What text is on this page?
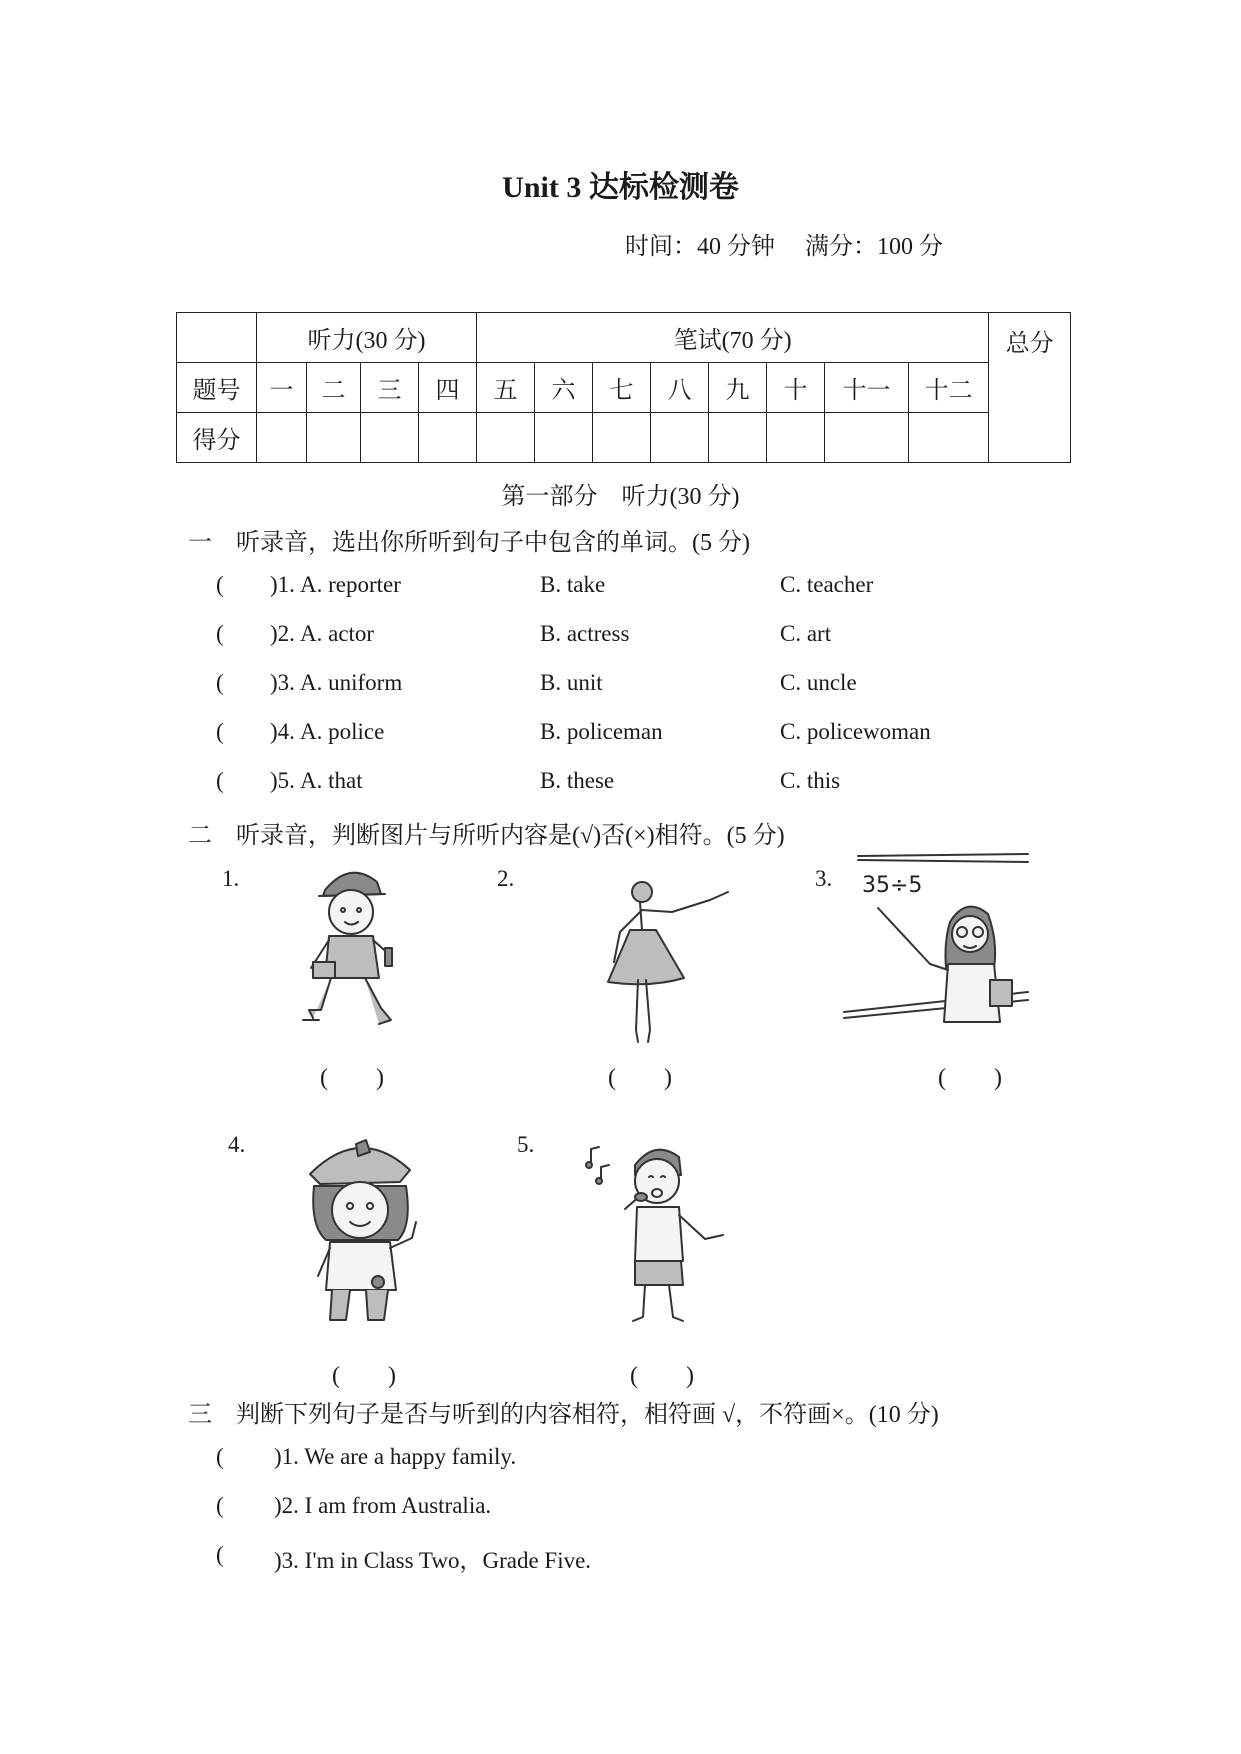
Unit 3 达标检测卷
时间：40 分钟　 满分：100 分
	听力(30 分)				笔试(70 分)								总分
题号	一	二	三	四	五	六	七	八	九	十	十一	十二	
得分													
第一部分　听力(30 分)
一　听录音，选出你所听到句子中包含的单词。(5 分)
( )1. A. reporter	B. take	C. teacher
( )2. A. actor	B. actress	C. art
( )3. A. uniform	B. unit	C. uncle
( )4. A. police	B. policeman	C. policewoman
( )5. A. that	B. these	C. this
二　听录音，判断图片与所听内容是(√)否(×)相符。(5 分)
1.	2.	3.
4.	5.
35÷5
(　　)	(　　)	(　　)
(　　)	(　　)
三　判断下列句子是否与听到的内容相符，相符画 √，不符画×。(10 分)
( )1. We are a happy family.
( )2. I am from Australia.
( )3. I'm in Class Two，Grade Five.
